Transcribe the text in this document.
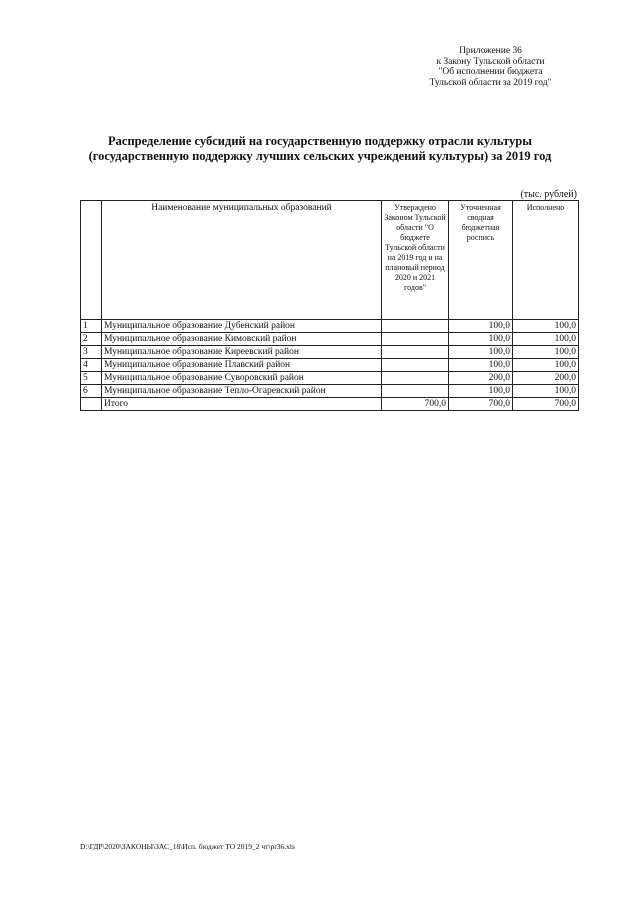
Приложение 36
к Закону Тульской области
"Об исполнении бюджета
Тульской области за 2019 год"
Распределение субсидий на государственную поддержку отрасли культуры
(государственную поддержку лучших сельских учреждений культуры) за 2019 год
(тыс. рублей)
	Наименование муниципальных образований	Утверждено Законом Тульской области "О бюджете Тульской области на 2019 год и на плановый период 2020 и 2021 годов"	Уточненная сводная бюджетная роспись	Исполнено
1	Муниципальное образование Дубенский район		100,0	100,0
2	Муниципальное образование Кимовский район		100,0	100,0
3	Муниципальное образование Киреевский район		100,0	100,0
4	Муниципальное образование Плавский район		100,0	100,0
5	Муниципальное образование Суворовский район		200,0	200,0
6	Муниципальное образование Тепло-Огаревский район		100,0	100,0
	Итого	700,0	700,0	700,0
D:\ГДР\2020\ЗАКОНЫ\ЗАС_18\Исп. бюджет ТО 2019_2 чт\pr36.xls
